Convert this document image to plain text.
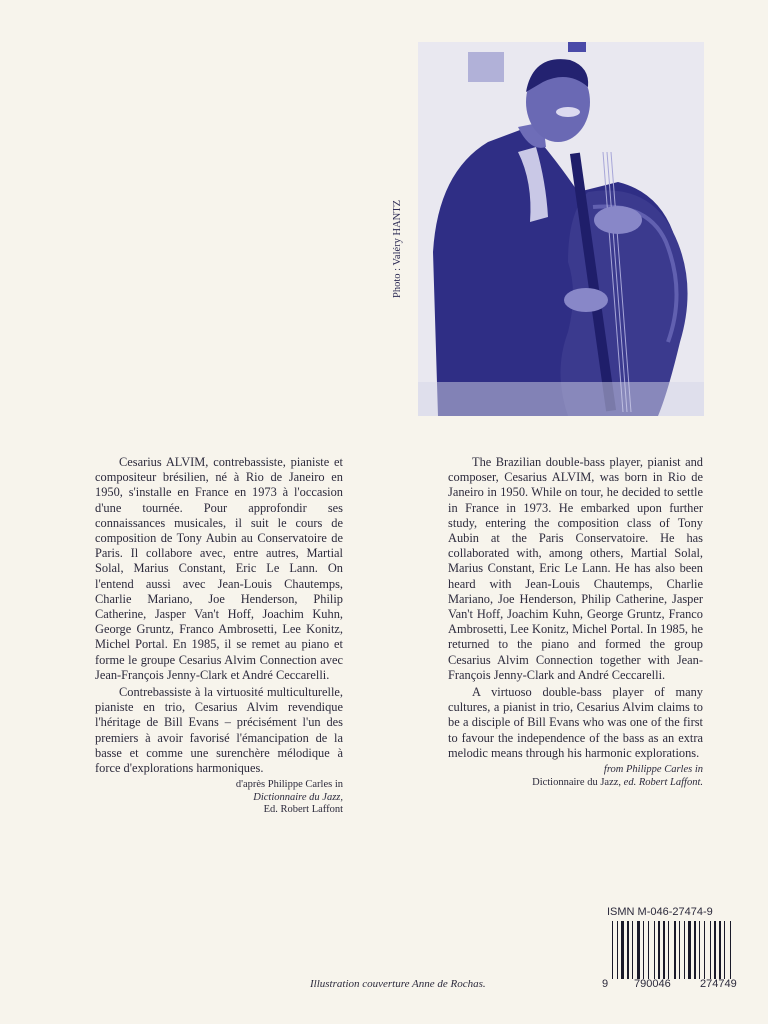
Photo : Valéry HANTZ

Cesarius ALVIM, contrebassiste, pianiste et compositeur brésilien, né à Rio de Janeiro en 1950, s'installe en France en 1973 à l'occasion d'une tournée. Pour approfondir ses connaissances musicales, il suit le cours de composition de Tony Aubin au Conservatoire de Paris. Il collabore avec, entre autres, Martial Solal, Marius Constant, Eric Le Lann. On l'entend aussi avec Jean-Louis Chautemps, Charlie Mariano, Joe Henderson, Philip Catherine, Jasper Van't Hoff, Joachim Kuhn, George Gruntz, Franco Ambrosetti, Lee Konitz, Michel Portal. En 1985, il se remet au piano et forme le groupe Cesarius Alvim Connection avec Jean-François Jenny-Clark et André Ceccarelli.

Contrebassiste à la virtuosité multiculturelle, pianiste en trio, Cesarius Alvim revendique l'héritage de Bill Evans – précisément l'un des premiers à avoir favorisé l'émancipation de la basse et comme une surenchère mélodique à force d'explorations harmoniques.

d'après Philippe Carles in
Dictionnaire du Jazz,
Ed. Robert Laffont

The Brazilian double-bass player, pianist and composer, Cesarius ALVIM, was born in Rio de Janeiro in 1950. While on tour, he decided to settle in France in 1973. He embarked upon further study, entering the composition class of Tony Aubin at the Paris Conservatoire. He has collaborated with, among others, Martial Solal, Marius Constant, Eric Le Lann. He has also been heard with Jean-Louis Chautemps, Charlie Mariano, Joe Henderson, Philip Catherine, Jasper Van't Hoff, Joachim Kuhn, George Gruntz, Franco Ambrosetti, Lee Konitz, Michel Portal. In 1985, he returned to the piano and formed the group Cesarius Alvim Connection together with Jean-François Jenny-Clark and André Ceccarelli.

A virtuoso double-bass player of many cultures, a pianist in trio, Cesarius Alvim claims to be a disciple of Bill Evans who was one of the first to favour the independence of the bass as an extra melodic means through his harmonic explorations.

from Philippe Carles in
Dictionnaire du Jazz, ed. Robert Laffont.
Illustration couverture Anne de Rochas.
ISMN M-046-27474-9
9 790046	274749
